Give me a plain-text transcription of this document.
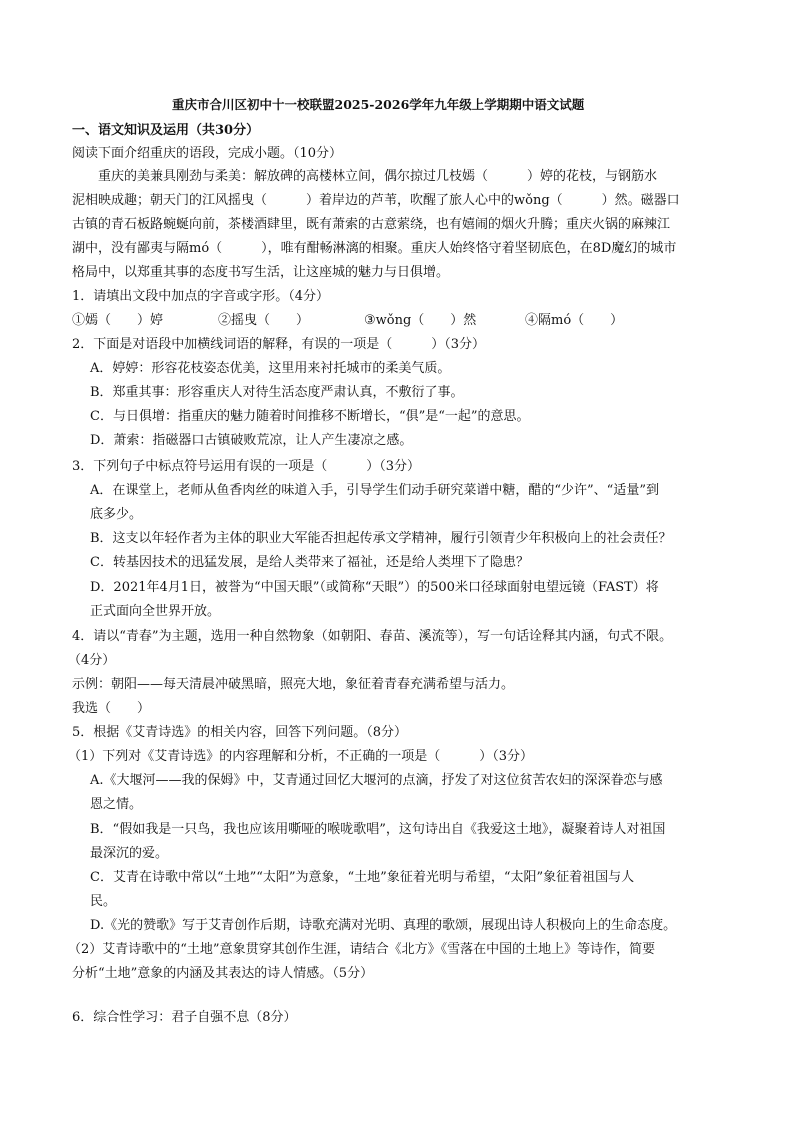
重庆市合川区初中十一校联盟2025-2026学年九年级上学期期中语文试题
一、语文知识及运用（共30分）
阅读下面介绍重庆的语段，完成小题。（10分）
重庆的美兼具刚劲与柔美：解放碑的高楼林立间，偶尔掠过几枝嫣（　　　）婷的花枝，与钢筋水
泥相映成趣；朝天门的江风摇曳（　　　）着岸边的芦苇，吹醒了旅人心中的wǒng（　　　）然。磁器口
古镇的青石板路蜿蜒向前，茶楼酒肆里，既有萧索的古意萦绕，也有嬉闹的烟火升腾；重庆火锅的麻辣江
湖中，没有鄙夷与隔mó（　　　），唯有酣畅淋漓的相聚。重庆人始终恪守着坚韧底色，在8D魔幻的城市
格局中，以郑重其事的态度书写生活，让这座城的魅力与日俱增。
1．请填出文段中加点的字音或字形。（4分）
①嫣（　　）婷	②摇曳（　　）	③wǒng（　　）然	④隔mó（　　）
2．下面是对语段中加横线词语的解释，有误的一项是（　　　）（3分）
A．婷婷：形容花枝姿态优美，这里用来衬托城市的柔美气质。
B．郑重其事：形容重庆人对待生活态度严肃认真，不敷衍了事。
C．与日俱增：指重庆的魅力随着时间推移不断增长，“俱”是“一起”的意思。
D．萧索：指磁器口古镇破败荒凉，让人产生凄凉之感。
3．下列句子中标点符号运用有误的一项是（　　　）（3分）
A．在课堂上，老师从鱼香肉丝的味道入手，引导学生们动手研究菜谱中糖，醋的“少许”、“适量”到
底多少。
B．这支以年轻作者为主体的职业大军能否担起传承文学精神，履行引领青少年积极向上的社会责任？
C．转基因技术的迅猛发展，是给人类带来了福祉，还是给人类埋下了隐患？
D．2021年4月1日，被誉为“中国天眼”（或简称“天眼”）的500米口径球面射电望远镜（FAST）将
正式面向全世界开放。
4．请以“青春”为主题，选用一种自然物象（如朝阳、春苗、溪流等），写一句话诠释其内涵，句式不限。
（4分）
示例：朝阳——每天清晨冲破黑暗，照亮大地，象征着青春充满希望与活力。
我选（　　）
5．根据《艾青诗选》的相关内容，回答下列问题。（8分）
（1）下列对《艾青诗选》的内容理解和分析，不正确的一项是（　　　）（3分）
A.《大堰河——我的保姆》中，艾青通过回忆大堰河的点滴，抒发了对这位贫苦农妇的深深眷恋与感
恩之情。
B．“假如我是一只鸟，我也应该用嘶哑的喉咙歌唱”，这句诗出自《我爱这土地》，凝聚着诗人对祖国
最深沉的爱。
C．艾青在诗歌中常以“土地”“太阳”为意象，“土地”象征着光明与希望，“太阳”象征着祖国与人
民。
D.《光的赞歌》写于艾青创作后期，诗歌充满对光明、真理的歌颂，展现出诗人积极向上的生命态度。
（2）艾青诗歌中的“土地”意象贯穿其创作生涯，请结合《北方》《雪落在中国的土地上》等诗作，简要
分析“土地”意象的内涵及其表达的诗人情感。（5分）
6．综合性学习：君子自强不息（8分）
